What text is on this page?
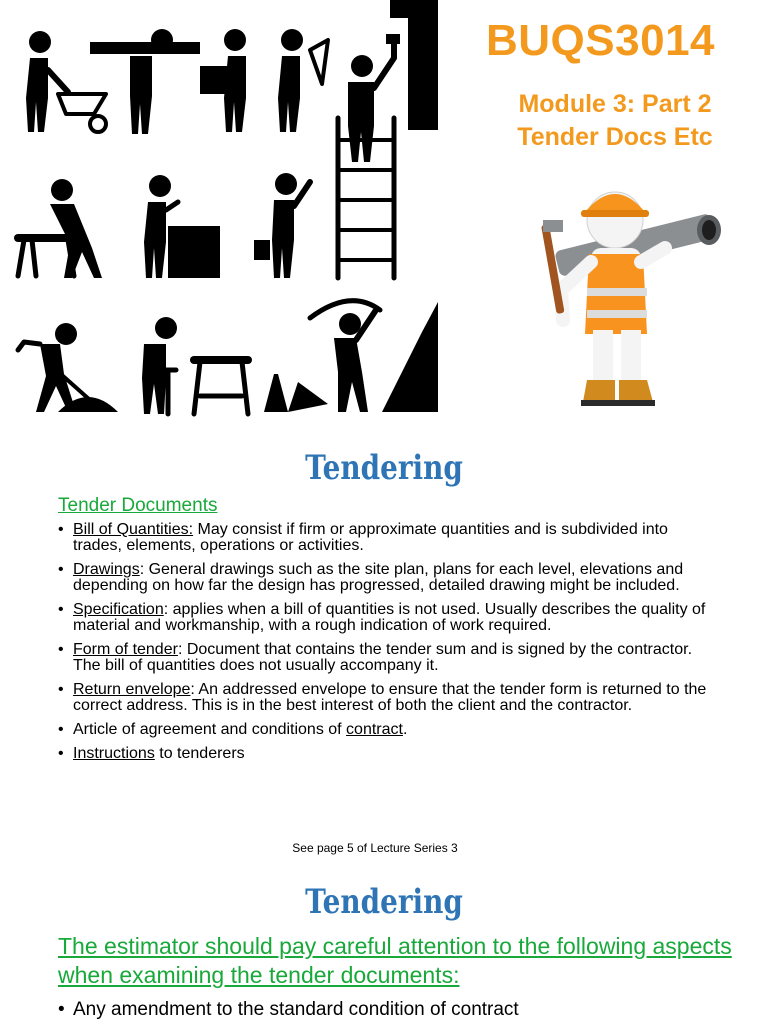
BUQS3014
Module 3: Part 2
Tender Docs Etc
Tendering
Tender Documents
• Bill of Quantities: May consist if firm or approximate quantities and is subdivided into trades, elements, operations or activities.
• Drawings: General drawings such as the site plan, plans for each level, elevations and depending on how far the design has progressed, detailed drawing might be included.
• Specification: applies when a bill of quantities is not used. Usually describes the quality of material and workmanship, with a rough indication of work required.
• Form of tender: Document that contains the tender sum and is signed by the contractor. The bill of quantities does not usually accompany it.
• Return envelope: An addressed envelope to ensure that the tender form is returned to the correct address. This is in the best interest of both the client and the contractor.
• Article of agreement and conditions of contract.
• Instructions to tenderers
See page 5 of Lecture Series 3
Tendering
The estimator should pay careful attention to the following aspects when examining the tender documents:
• Any amendment to the standard condition of contract
